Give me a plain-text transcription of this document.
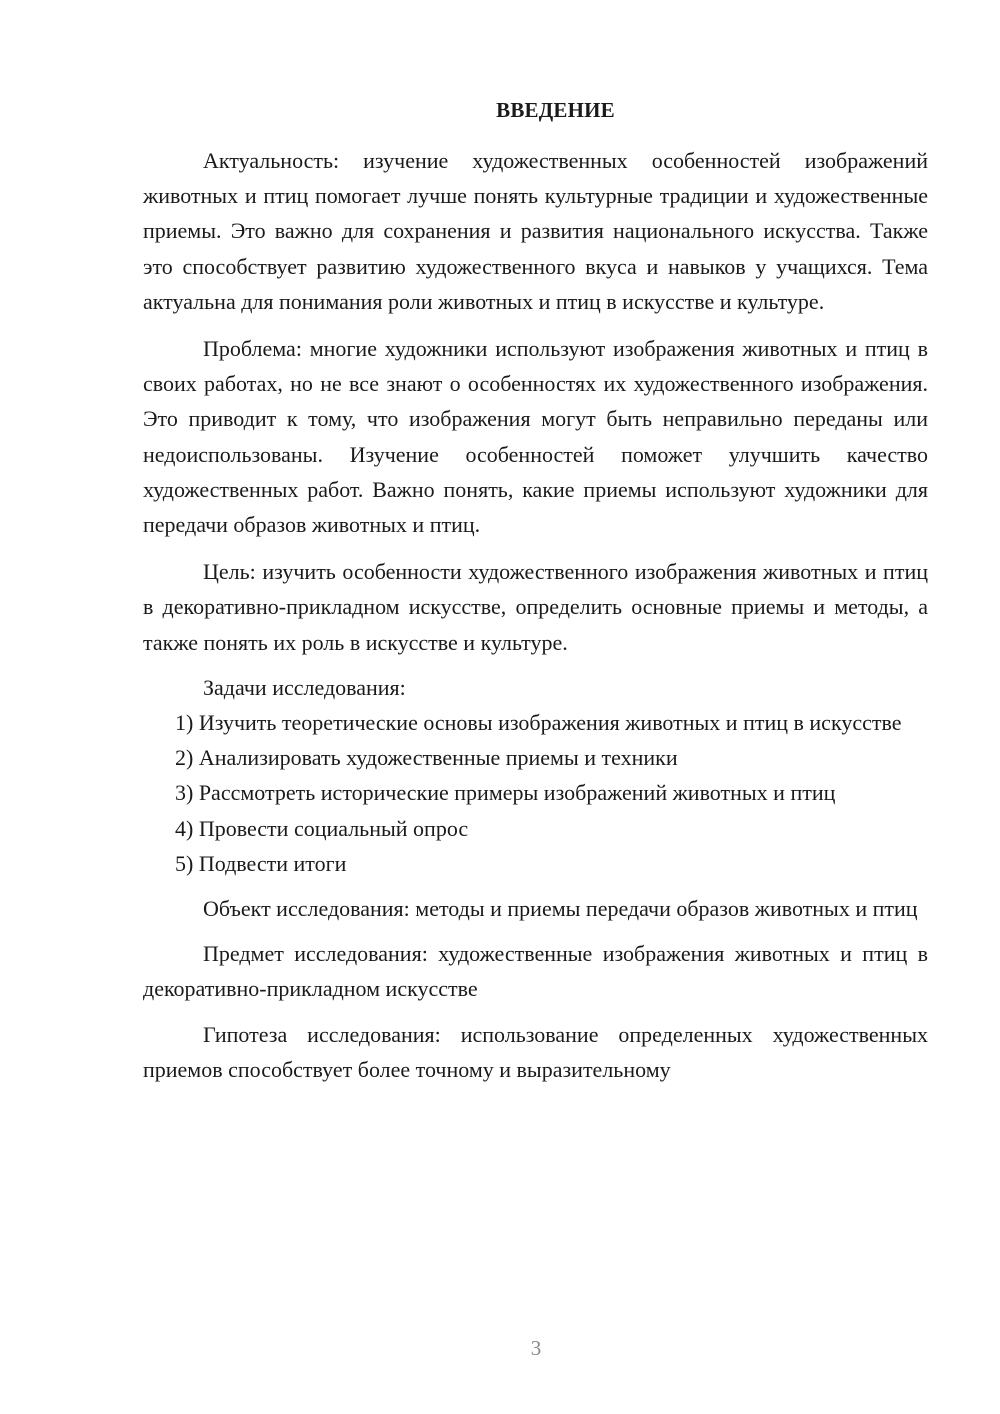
ВВЕДЕНИЕ

Актуальность: изучение художественных особенностей изображений животных и птиц помогает лучше понять культурные традиции и художественные приемы. Это важно для сохранения и развития национального искусства. Также это способствует развитию художественного вкуса и навыков у учащихся. Тема актуальна для понимания роли животных и птиц в искусстве и культуре.

Проблема: многие художники используют изображения животных и птиц в своих работах, но не все знают о особенностях их художественного изображения. Это приводит к тому, что изображения могут быть неправильно переданы или недоиспользованы. Изучение особенностей поможет улучшить качество художественных работ. Важно понять, какие приемы используют художники для передачи образов животных и птиц.

Цель: изучить особенности художественного изображения животных и птиц в декоративно-прикладном искусстве, определить основные приемы и методы, а также понять их роль в искусстве и культуре.

Задачи исследования:

1) Изучить теоретические основы изображения животных и птиц в искусстве

2) Анализировать художественные приемы и техники

3) Рассмотреть исторические примеры изображений животных и птиц

4) Провести социальный опрос

5) Подвести итоги

Объект исследования: методы и приемы передачи образов животных и птиц

Предмет исследования: художественные изображения животных и птиц в декоративно-прикладном искусстве

Гипотеза исследования: использование определенных художественных приемов способствует более точному и выразительному

3
